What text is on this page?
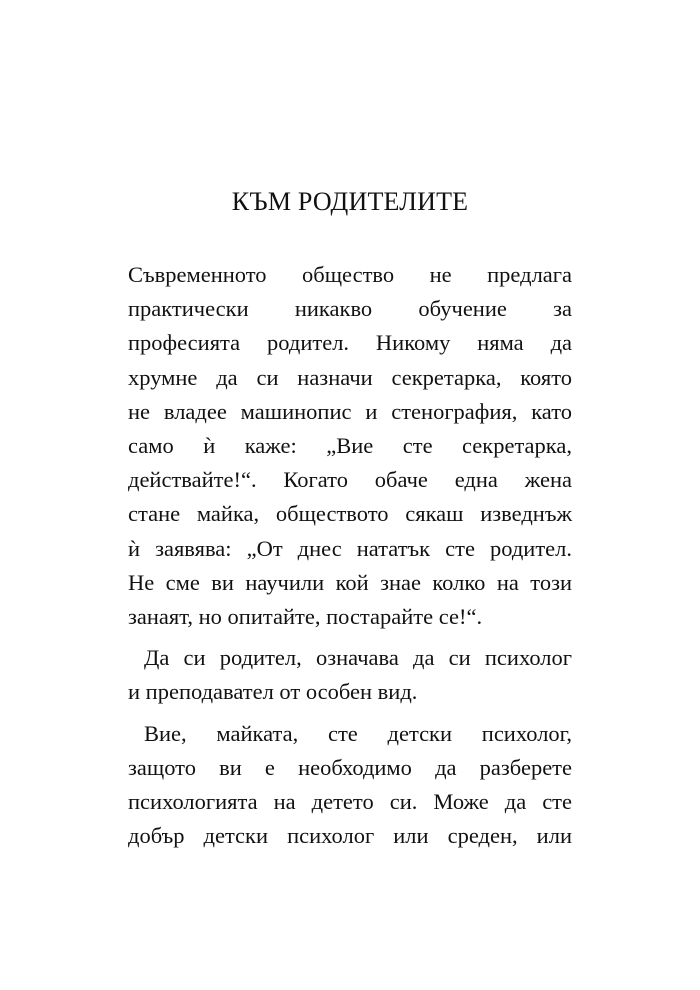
КЪМ РОДИТЕЛИТЕ

Съвременното общество не предлага
практически никакво обучение за
професията родител. Никому няма да
хрумне да си назначи секретарка, която
не владее машинопис и стенография, като
само ѝ каже: „Вие сте секретарка,
действайте!“. Когато обаче една жена
стане майка, обществото сякаш изведнъж
ѝ заявява: „От днес нататък сте родител.
Не сме ви научили кой знае колко на този
занаят, но опитайте, постарайте се!“.

Да си родител, означава да си психолог
и преподавател от особен вид.

Вие, майката, сте детски психолог,
защото ви е необходимо да разберете
психологията на детето си. Може да сте
добър детски психолог или среден, или
